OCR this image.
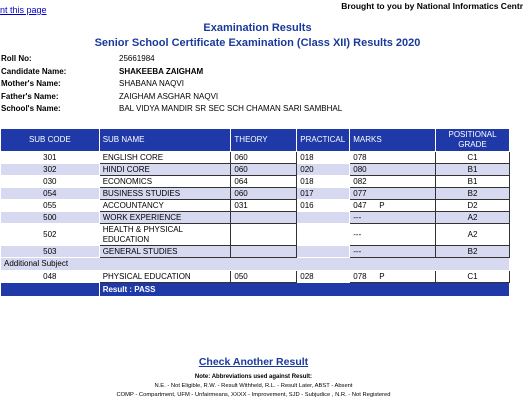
nt this page	Brought to you by National Informatics Centr
Examination Results
Senior School Certificate Examination (Class XII) Results 2020
Roll No:	25661984
Candidate Name:	SHAKEEBA ZAIGHAM
Mother's Name:	SHABANA NAQVI
Father's Name:	ZAIGHAM ASGHAR NAQVI
School's Name:	BAL VIDYA MANDIR SR SEC SCH CHAMAN SARI SAMBHAL
SUB CODE	SUB NAME	THEORY	PRACTICAL	MARKS	POSITIONAL GRADE
301	ENGLISH CORE	060	018	078	C1
302	HINDI CORE	060	020	080	B1
030	ECONOMICS	064	018	082	B1
054	BUSINESS STUDIES	060	017	077	B2
055	ACCOUNTANCY	031	016	047 P	D2
500	WORK EXPERIENCE			---	A2
502	HEALTH & PHYSICAL EDUCATION			---	A2
503	GENERAL STUDIES			---	B2
Additional Subject					
048	PHYSICAL EDUCATION	050	028	078 P	C1
	Result : PASS				
Check Another Result
Note: Abbreviations used against Result:
N.E. - Not Eligible, R.W. - Result Withheld, R.L. - Result Later, ABST - Absent
COMP - Compartment, UFM - Unfairmeans, XXXX - Improvement, SJD - Subjudice , N.R. - Not Registered
